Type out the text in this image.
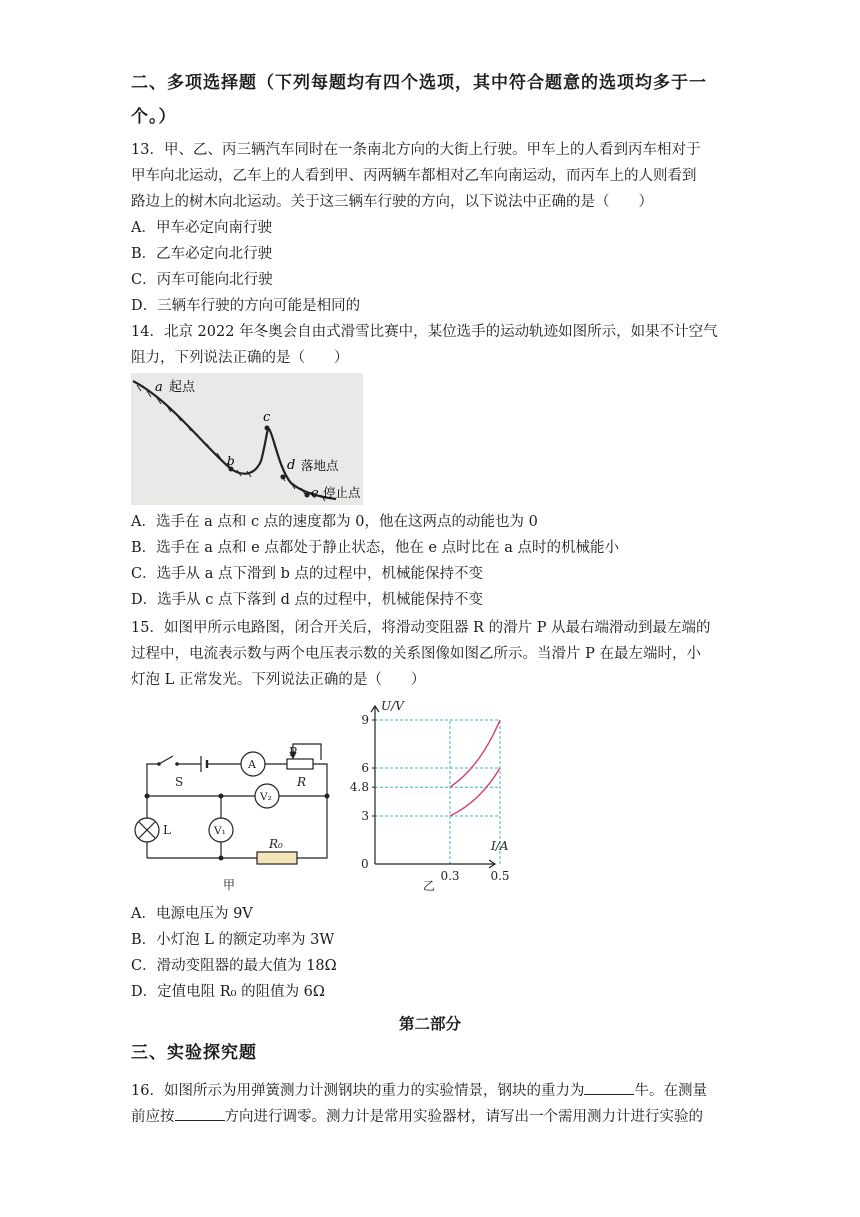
二、多项选择题（下列每题均有四个选项，其中符合题意的选项均多于一
个。）
13．甲、乙、丙三辆汽车同时在一条南北方向的大街上行驶。甲车上的人看到丙车相对于
甲车向北运动，乙车上的人看到甲、丙两辆车都相对乙车向南运动，而丙车上的人则看到
路边上的树木向北运动。关于这三辆车行驶的方向，以下说法中正确的是（　　）
A．甲车必定向南行驶
B．乙车必定向北行驶
C．丙车可能向北行驶
D．三辆车行驶的方向可能是相同的
14．北京 2022 年冬奥会自由式滑雪比赛中，某位选手的运动轨迹如图所示，如果不计空气
阻力，下列说法正确的是（　　）
a 起点
b
c
d 落地点
e 停止点
A．选手在 a 点和 c 点的速度都为 0，他在这两点的动能也为 0
B．选手在 a 点和 e 点都处于静止状态，他在 e 点时比在 a 点时的机械能小
C．选手从 a 点下滑到 b 点的过程中，机械能保持不变
D．选手从 c 点下落到 d 点的过程中，机械能保持不变
15．如图甲所示电路图，闭合开关后，将滑动变阻器 R 的滑片 P 从最右端滑动到最左端的
过程中，电流表示数与两个电压表示数的关系图像如图乙所示。当滑片 P 在最左端时，小
灯泡 L 正常发光。下列说法正确的是（　　）
S
A
P
R
V₂
V₁
L
R₀
甲
3
4.8
6
9
0.3	0.5
U/V
I/A
0
乙
A．电源电压为 9V
B．小灯泡 L 的额定功率为 3W
C．滑动变阻器的最大值为 18Ω
D．定值电阻 R₀ 的阻值为 6Ω
第二部分
三、实验探究题
16．如图所示为用弹簧测力计测钢块的重力的实验情景，钢块的重力为	牛。在测量
前应按	方向进行调零。测力计是常用实验器材，请写出一个需用测力计进行实验的
